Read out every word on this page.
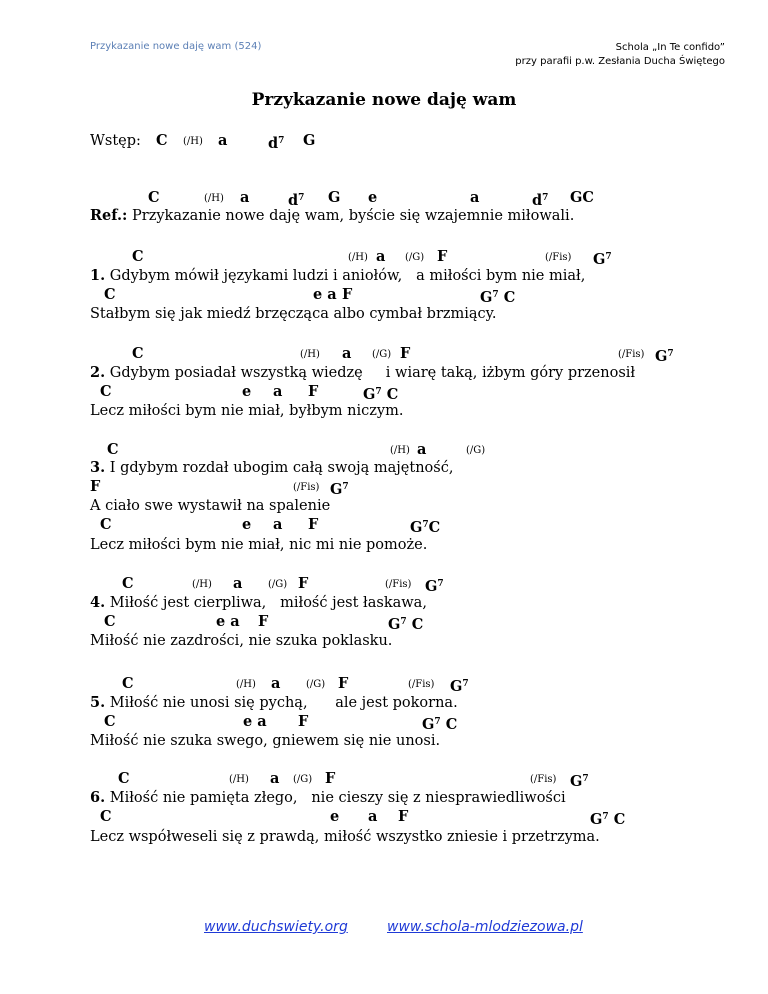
Przykazanie nowe daję wam (524)	Schola „In Te confido”
przy parafii p.w. Zesłania Ducha Świętego
Przykazanie nowe daję wam
Wstęp: C (/H) a	$d^7$ G
C	(/H) a	$d^7$ G e	a	$d^7$ GC
Ref.: Przykazanie nowe daję wam, byście się wzajemnie miłowali.
C	(/H) a (/G) F	(/Fis) $G^7$
1. Gdybym mówił językami ludzi i aniołów,   a miłości bym nie miał,
C	e a F	$G^7$ C
Stałbym się jak miedź brzęcząca albo cymbał brzmiący.
C	(/H) a (/G) F	(/Fis) $G^7$
2. Gdybym posiadał wszystką wiedzę     i wiarę taką, iżbym góry przenosił
C	e a F	$G^7$ C
Lecz miłości bym nie miał, byłbym niczym.
C	(/H) a	(/G)
3. I gdybym rozdał ubogim całą swoją majętność,
F	(/Fis) $G^7$
A ciało swe wystawił na spalenie
C	e a F	$G^7C$
Lecz miłości bym nie miał, nic mi nie pomoże.
C	(/H) a	(/G) F	(/Fis) $G^7$
4. Miłość jest cierpliwa,   miłość jest łaskawa,
C	e a F	$G^7$ C
Miłość nie zazdrości, nie szuka poklasku.
C	(/H) a	(/G) F	(/Fis) $G^7$
5. Miłość nie unosi się pychą,      ale jest pokorna.
C	e a F	$G^7$ C
Miłość nie szuka swego, gniewem się nie unosi.
C	(/H) a (/G) F	(/Fis) $G^7$
6. Miłość nie pamięta złego,   nie cieszy się z niesprawiedliwości
C	e a F	$G^7$ C
Lecz współweseli się z prawdą, miłość wszystko zniesie i przetrzyma.
www.duchswiety.org	www.schola-mlodziezowa.pl
